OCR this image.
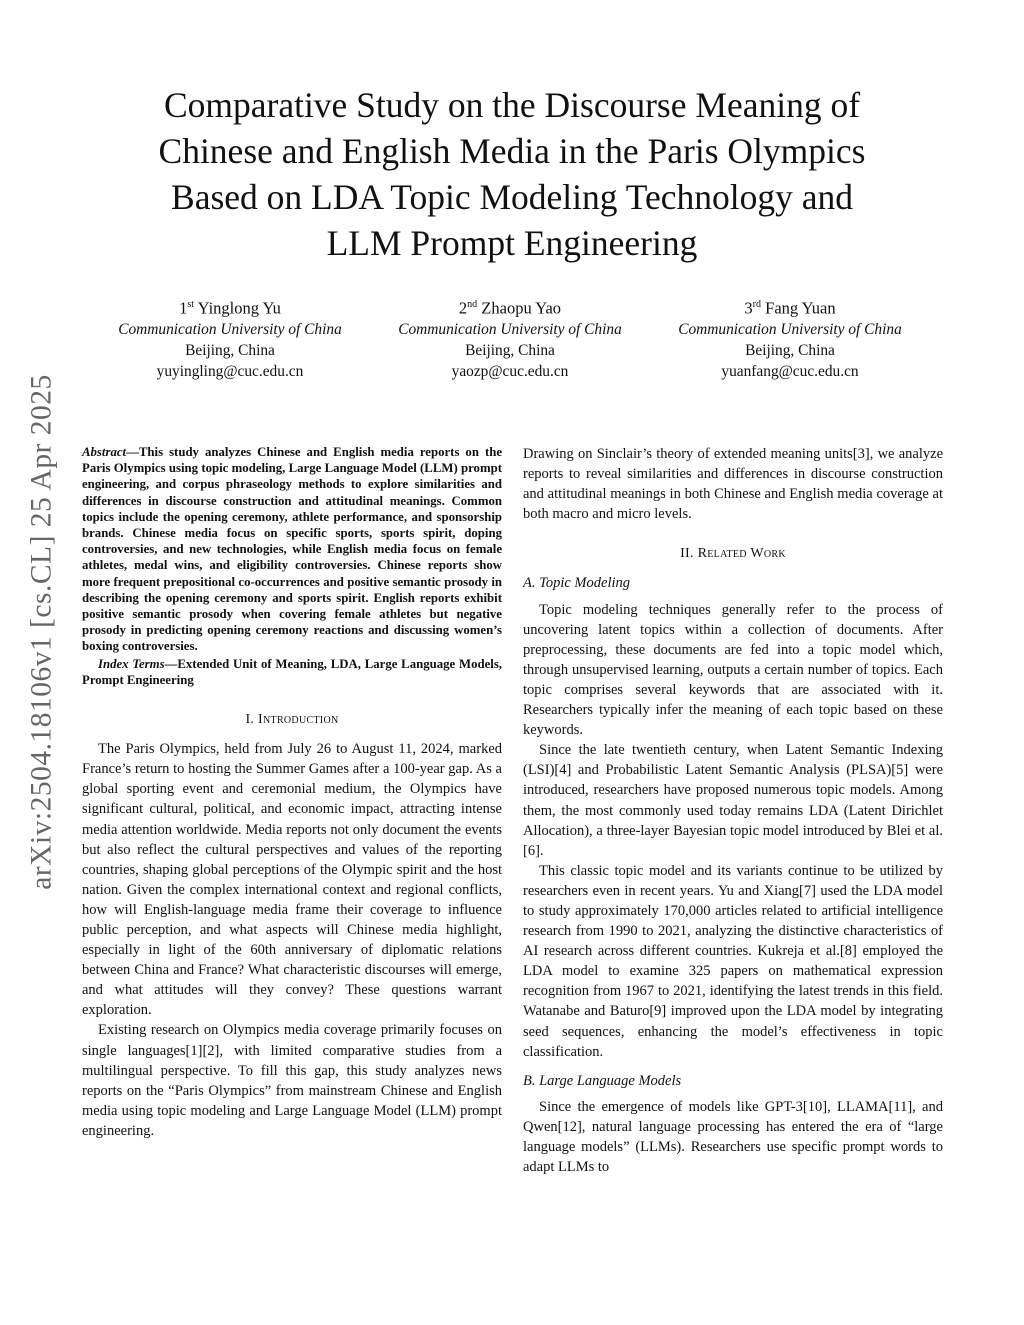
arXiv:2504.18106v1 [cs.CL] 25 Apr 2025
Comparative Study on the Discourse Meaning of
Chinese and English Media in the Paris Olympics
Based on LDA Topic Modeling Technology and
LLM Prompt Engineering
1st Yinglong Yu
Communication University of China
Beijing, China
yuyingling@cuc.edu.cn
2nd Zhaopu Yao
Communication University of China
Beijing, China
yaozp@cuc.edu.cn
3rd Fang Yuan
Communication University of China
Beijing, China
yuanfang@cuc.edu.cn

Abstract—This study analyzes Chinese and English media reports on the Paris Olympics using topic modeling, Large Language Model (LLM) prompt engineering, and corpus phraseology methods to explore similarities and differences in discourse construction and attitudinal meanings. Common topics include the opening ceremony, athlete performance, and sponsorship brands. Chinese media focus on specific sports, sports spirit, doping controversies, and new technologies, while English media focus on female athletes, medal wins, and eligibility controversies. Chinese reports show more frequent prepositional co-occurrences and positive semantic prosody in describing the opening ceremony and sports spirit. English reports exhibit positive semantic prosody when covering female athletes but negative prosody in predicting opening ceremony reactions and discussing women’s boxing controversies.

Index Terms—Extended Unit of Meaning, LDA, Large Language Models, Prompt Engineering

I. Introduction

The Paris Olympics, held from July 26 to August 11, 2024, marked France’s return to hosting the Summer Games after a 100-year gap. As a global sporting event and ceremonial medium, the Olympics have significant cultural, political, and economic impact, attracting intense media attention worldwide. Media reports not only document the events but also reflect the cultural perspectives and values of the reporting countries, shaping global perceptions of the Olympic spirit and the host nation. Given the complex international context and regional conflicts, how will English-language media frame their coverage to influence public perception, and what aspects will Chinese media highlight, especially in light of the 60th anniversary of diplomatic relations between China and France? What characteristic discourses will emerge, and what attitudes will they convey? These questions warrant exploration.

Existing research on Olympics media coverage primarily focuses on single languages[1][2], with limited comparative studies from a multilingual perspective. To fill this gap, this study analyzes news reports on the “Paris Olympics” from mainstream Chinese and English media using topic modeling and Large Language Model (LLM) prompt engineering.

Drawing on Sinclair’s theory of extended meaning units[3], we analyze reports to reveal similarities and differences in discourse construction and attitudinal meanings in both Chinese and English media coverage at both macro and micro levels.

II. Related Work
A. Topic Modeling

Topic modeling techniques generally refer to the process of uncovering latent topics within a collection of documents. After preprocessing, these documents are fed into a topic model which, through unsupervised learning, outputs a certain number of topics. Each topic comprises several keywords that are associated with it. Researchers typically infer the meaning of each topic based on these keywords.

Since the late twentieth century, when Latent Semantic Indexing (LSI)[4] and Probabilistic Latent Semantic Analysis (PLSA)[5] were introduced, researchers have proposed numerous topic models. Among them, the most commonly used today remains LDA (Latent Dirichlet Allocation), a three-layer Bayesian topic model introduced by Blei et al.[6].

This classic topic model and its variants continue to be utilized by researchers even in recent years. Yu and Xiang[7] used the LDA model to study approximately 170,000 articles related to artificial intelligence research from 1990 to 2021, analyzing the distinctive characteristics of AI research across different countries. Kukreja et al.[8] employed the LDA model to examine 325 papers on mathematical expression recognition from 1967 to 2021, identifying the latest trends in this field. Watanabe and Baturo[9] improved upon the LDA model by integrating seed sequences, enhancing the model’s effectiveness in topic classification.

B. Large Language Models

Since the emergence of models like GPT-3[10], LLAMA[11], and Qwen[12], natural language processing has entered the era of “large language models” (LLMs). Researchers use specific prompt words to adapt LLMs to
